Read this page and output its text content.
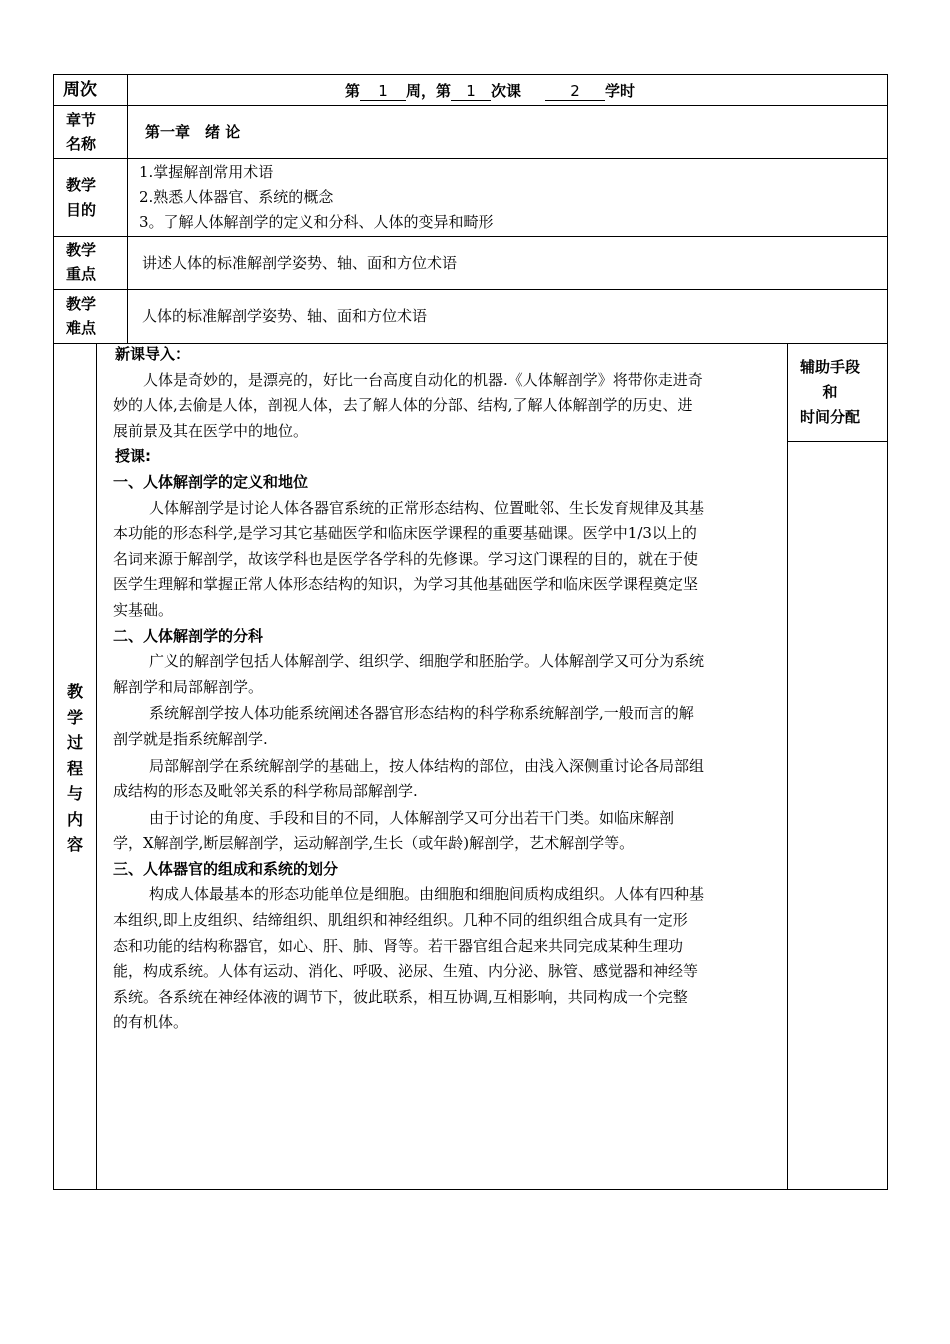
周次	第 1 周，第 1 次课	2 学时
章节
名称
第一章　绪 论
教学
目的
1.掌握解剖常用术语
2.熟悉人体器官、系统的概念
3。了解人体解剖学的定义和分科、人体的变异和畸形
教学
重点
讲述人体的标准解剖学姿势、轴、面和方位术语
教学
难点
人体的标准解剖学姿势、轴、面和方位术语
教
学
过
程
与
内
容
辅助手段
和
时间分配
新课导入：
人体是奇妙的，是漂亮的，好比一台高度自动化的机器.《人体解剖学》将带你走进奇
妙的人体,去偷是人体，剖视人体，去了解人体的分部、结构,了解人体解剖学的历史、进
展前景及其在医学中的地位。
授课:
一、人体解剖学的定义和地位
人体解剖学是讨论人体各器官系统的正常形态结构、位置毗邻、生长发育规律及其基
本功能的形态科学,是学习其它基础医学和临床医学课程的重要基础课。医学中1/3以上的
名词来源于解剖学，故该学科也是医学各学科的先修课。学习这门课程的目的，就在于使
医学生理解和掌握正常人体形态结构的知识，为学习其他基础医学和临床医学课程奠定坚
实基础。
二、人体解剖学的分科
广义的解剖学包括人体解剖学、组织学、细胞学和胚胎学。人体解剖学又可分为系统
解剖学和局部解剖学。
系统解剖学按人体功能系统阐述各器官形态结构的科学称系统解剖学,一般而言的解
剖学就是指系统解剖学.
局部解剖学在系统解剖学的基础上，按人体结构的部位，由浅入深侧重讨论各局部组
成结构的形态及毗邻关系的科学称局部解剖学.
由于讨论的角度、手段和目的不同，人体解剖学又可分出若干门类。如临床解剖
学，X解剖学,断层解剖学，运动解剖学,生长（或年龄)解剖学，艺术解剖学等。
三、人体器官的组成和系统的划分
构成人体最基本的形态功能单位是细胞。由细胞和细胞间质构成组织。人体有四种基
本组织,即上皮组织、结缔组织、肌组织和神经组织。几种不同的组织组合成具有一定形
态和功能的结构称器官，如心、肝、肺、肾等。若干器官组合起来共同完成某种生理功
能，构成系统。人体有运动、消化、呼吸、泌尿、生殖、内分泌、脉管、感觉器和神经等
系统。各系统在神经体液的调节下，彼此联系，相互协调,互相影响，共同构成一个完整
的有机体。
